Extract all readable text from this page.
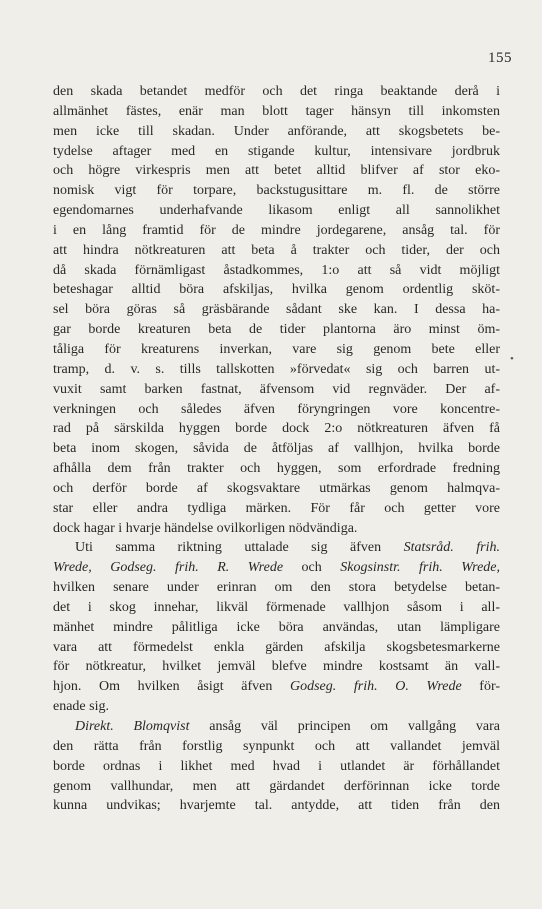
155
•
den skada betandet medför och det ringa beaktande derå i
allmänhet fästes, enär man blott tager hänsyn till inkomsten
men icke till skadan. Under anförande, att skogsbetets be-
tydelse aftager med en stigande kultur, intensivare jordbruk
och högre virkespris men att betet alltid blifver af stor eko-
nomisk vigt för torpare, backstugusittare m. fl. de större
egendomarnes underhafvande likasom enligt all sannolikhet
i en lång framtid för de mindre jordegarene, ansåg tal. för
att hindra nötkreaturen att beta å trakter och tider, der och
då skada förnämligast åstadkommes, 1:o att så vidt möjligt
beteshagar alltid böra afskiljas, hvilka genom ordentlig sköt-
sel böra göras så gräsbärande sådant ske kan. I dessa ha-
gar borde kreaturen beta de tider plantorna äro minst öm-
tåliga för kreaturens inverkan, vare sig genom bete eller
tramp, d. v. s. tills tallskotten »förvedat« sig och barren ut-
vuxit samt barken fastnat, äfvensom vid regnväder. Der af-
verkningen och således äfven föryngringen vore koncentre-
rad på särskilda hyggen borde dock 2:o nötkreaturen äfven få
beta inom skogen, såvida de åtföljas af vallhjon, hvilka borde
afhålla dem från trakter och hyggen, som erfordrade fredning
och derför borde af skogsvaktare utmärkas genom halmqva-
star eller andra tydliga märken. För får och getter vore
dock hagar i hvarje händelse ovilkorligen nödvändiga.
Uti samma riktning uttalade sig äfven Statsråd. frih.
Wrede, Godseg. frih. R. Wrede och Skogsinstr. frih. Wrede,
hvilken senare under erinran om den stora betydelse betan-
det i skog innehar, likväl förmenade vallhjon såsom i all-
mänhet mindre pålitliga icke böra användas, utan lämpligare
vara att förmedelst enkla gärden afskilja skogsbetesmarkerne
för nötkreatur, hvilket jemväl blefve mindre kostsamt än vall-
hjon. Om hvilken åsigt äfven Godseg. frih. O. Wrede för-
enade sig.
Direkt. Blomqvist ansåg väl principen om vallgång vara
den rätta från forstlig synpunkt och att vallandet jemväl
borde ordnas i likhet med hvad i utlandet är förhållandet
genom vallhundar, men att gärdandet derförinnan icke torde
kunna undvikas; hvarjemte tal. antydde, att tiden från den
